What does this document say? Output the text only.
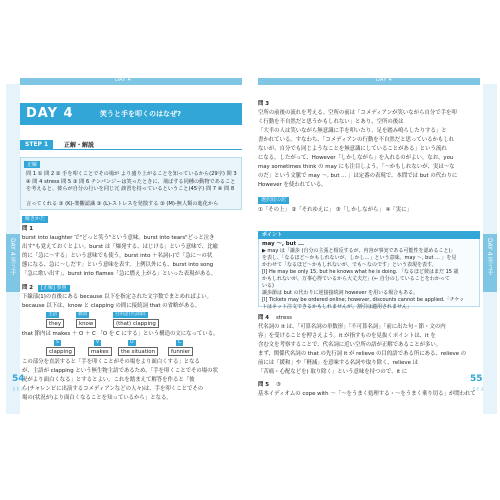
DAY 4	DAY 4
DAY 4 笑う手	DAY 4 笑う手
DAY 4	笑うと手を叩くのはなぜ?
STEP 1	正解・解説
正解
問 1 ① 問 2 ② 手を叩くことでその場が より盛り上がることを知っているから(29字) 問 3 ④ 問 4 stress 問 5 ③ 問 6 チンパンジーは笑ったときに、飛ばする同種の動物であることを考えると、彼らが自分の行いを同じ冗 談習を持っているということ(45字) 問 7 ④ 問 8
言ってくれる ③ (K)-楽觀認識 ③ (L)-ストレスを発散する ③ (M)-無人類の進化から
解きかた
問 1
burst into laughter で"どっと笑う"という意味。burst into tears"どっと泣き
出す"も覚えておくとよい。burst は「爆発する、はじける」という意味で、比喩
的に「急に〜する」という意味でも使う。burst into ＋名詞(-)で「急に〜の状
態になる、急に〜しだす」という意味を表す。上例以外にも、burst into song
「急に歌い出す」、burst into flames「急に燃え上がる」といった表現がある。
問 2	[正解] 参照
下線部(1)の直後にある because 以下を指定された文字数でまとめればよい。
because 以下は、know と clapping の間に接続詞 that の省略がある。
主語	動詞	目的語(名詞節)
they	know	(that) clapping
that 節内は makes ＋ O ＋ C 「O を C にする」という構造の文になっている。
S	V	O	C
clapping	makes	the situation	funnier
この部分を直訳すると「手を叩くことがその場をより面白くする」となる
が、主語が clapping という無生物主語であるため、「手を叩くことでその場の状
況がより面白くなる」とするとよい。これを踏まえて解答を作ると「彼
ら(チャレンピに出演するコメディアンなどの人々)は、手を叩くことでその
場の(状況が)より面白くなることを知っているから」となる。
54
ととよ
問 3
空所の前後の流れを考える。空所の前は「コメディアンが笑いながら自分で手を叩
く行動を不自然だと思うかもしれない」とあり、空所の後は
「大半の人は笑いながら無意識に手を叩いたり、足を踏み鳴らしたりする」と
書かれている。すなわち、「コメディアンの行動を不自然だと思っているかもしれ
ないが、自分でも同じようなことを無意識にしていることがある」という流れ
になる。したがって、However「しかしながら」を入れるのがよい。なお、you
may sometimes think の may にも注目しよう。「〜かもしれないが、実は〜な
のだ」という文脈で may 〜, but ... 」は定番の表現で、本問では but の代わりに
However を使われている。
選択肢の訳
①「その上」 ②「それゆえに」 ③「しかしながら」 ④「実に」
ポイント
may 〜, but ...
▶ may は「譲歩 (自分の主張と相反するが、内容が事実である可能性を認めること)」
を表し、「なるほど〜かもしれないが、しかし…」という意味。may 〜, but ... 」を見
かわせて「なるほど〜かもしれないが、でも〜なのです」という表現を表す。
[I] He may be only 15, but he knows what he is doing. 「なるほど彼はまだ 15 歳
かもしれないが、万事心得ているから大丈夫だ」(← 自分のしていることをわかって
いる)
譲歩節は but の代わりに逆接接続詞 however を用いる場合もある。
[I] Tickets may be ordered online; however, discounts cannot be applied.「チケッ
トはネット注文できるかもしれませんが、割引は適用されません」
問 4 stress
代名詞の it は、「可算名詞の単数形」「不可算名詞」「前に出た句・節・文の内
容」を受けることを押さえよう。it が指すものを見抜くポイントは、it を
含む文を考察することで、代名詞に近い空所の語が正解であることが多い。
まず、関係代名詞の that の先行詞 it が relieve の目的語である所にある、relieve の
前には「緩和」や「軽減」を意味する名詞や取り除く、relieve は
「苦痛・心配などを) 取り除く」という意味を持つので、it に
問 5 ③
基本イディオムの cope with 〜「〜をうまく処理する・〜をうまく乗り切る」が問われて
55
ととよ
